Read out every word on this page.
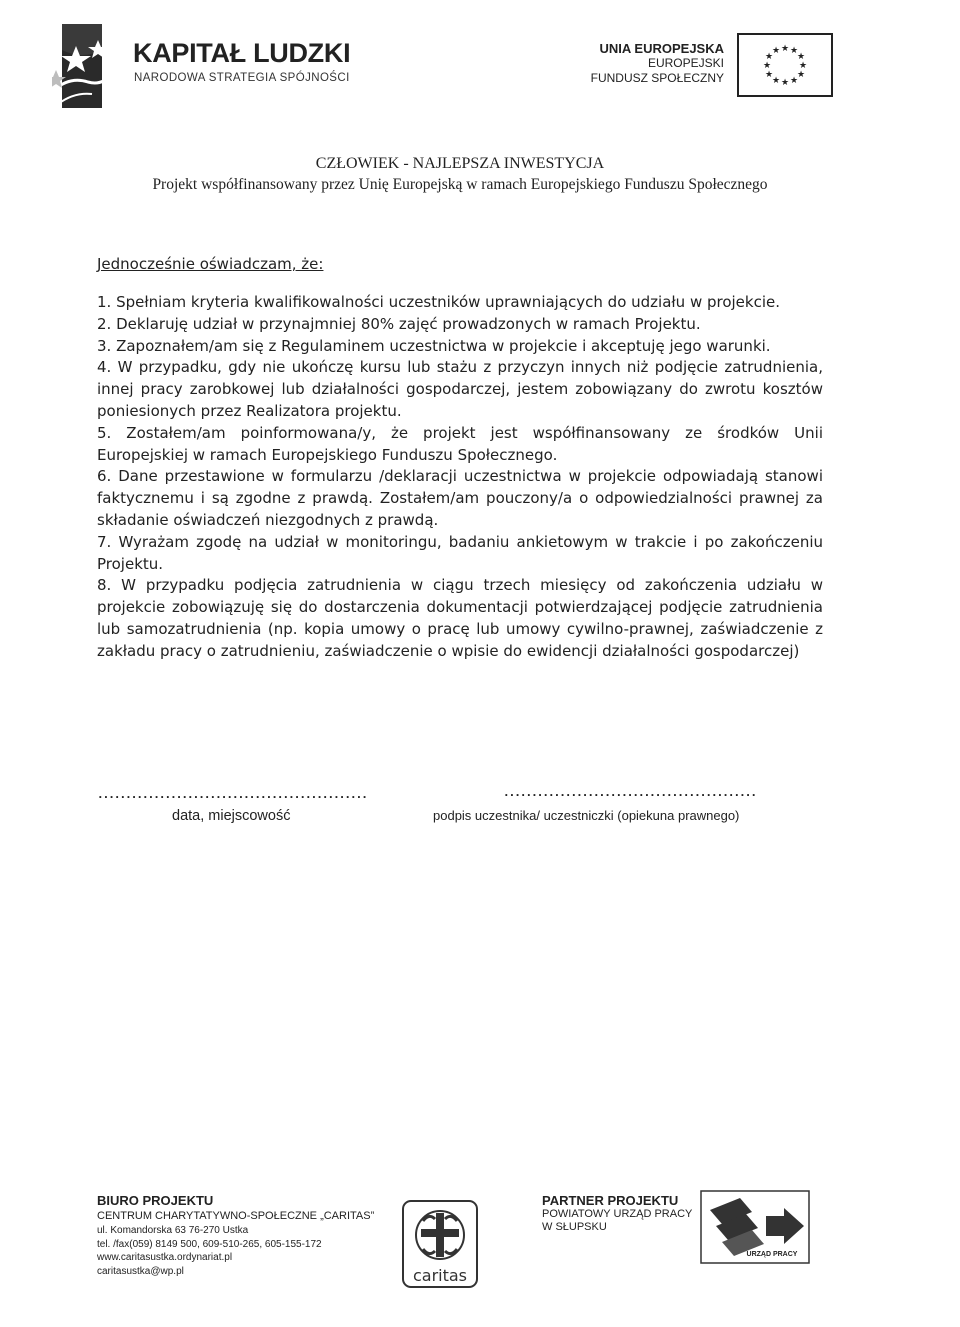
KAPITAŁ LUDZKI
NARODOWA STRATEGIA SPÓJNOŚCI
UNIA EUROPEJSKA
EUROPEJSKI
FUNDUSZ SPOŁECZNY
★ ★
★
★
★
★
★
★
★
★
★
★
CZŁOWIEK - NAJLEPSZA INWESTYCJA
Projekt współfinansowany przez Unię Europejską w ramach Europejskiego Funduszu Społecznego
Jednocześnie oświadczam, że:

1. Spełniam kryteria kwalifikowalności uczestników uprawniających do udziału w projekcie.

2. Deklaruję udział w przynajmniej 80% zajęć prowadzonych w ramach Projektu.

3. Zapoznałem/am się z Regulaminem uczestnictwa w projekcie i akceptuję jego warunki.

4. W przypadku, gdy nie ukończę kursu lub stażu z przyczyn innych niż podjęcie zatrudnienia, innej pracy zarobkowej lub działalności gospodarczej, jestem zobowiązany do zwrotu kosztów poniesionych przez Realizatora projektu.

5. Zostałem/am poinformowana/y, że projekt jest współfinansowany ze środków Unii Europejskiej w ramach Europejskiego Funduszu Społecznego.

6. Dane przestawione w formularzu /deklaracji uczestnictwa w projekcie odpowiadają stanowi faktycznemu i są zgodne z prawdą. Zostałem/am pouczony/a o odpowiedzialności prawnej za składanie oświadczeń niezgodnych z prawdą.

7. Wyrażam zgodę na udział w monitoringu, badaniu ankietowym w trakcie i po zakończeniu Projektu.

8. W przypadku podjęcia zatrudnienia w ciągu trzech miesięcy od zakończenia udziału w projekcie zobowiązuję się do dostarczenia dokumentacji potwierdzającej podjęcie zatrudnienia lub samozatrudnienia (np. kopia umowy o pracę lub umowy cywilno-prawnej, zaświadczenie z zakładu pracy o zatrudnieniu, zaświadczenie o wpisie do ewidencji działalności gospodarczej)

................................................	.............................................
data, miejscowość	podpis uczestnika/ uczestniczki (opiekuna prawnego)
BIURO PROJEKTU
CENTRUM CHARYTATYWNO-SPOŁECZNE „CARITAS”
ul. Komandorska 63 76-270 Ustka
tel. /fax(059) 8149 500, 609-510-265, 605-155-172
www.caritasustka.ordynariat.pl
caritasustka@wp.pl	caritas
PARTNER PROJEKTU
POWIATOWY URZĄD PRACY
W SŁUPSKU
URZĄD PRACY
